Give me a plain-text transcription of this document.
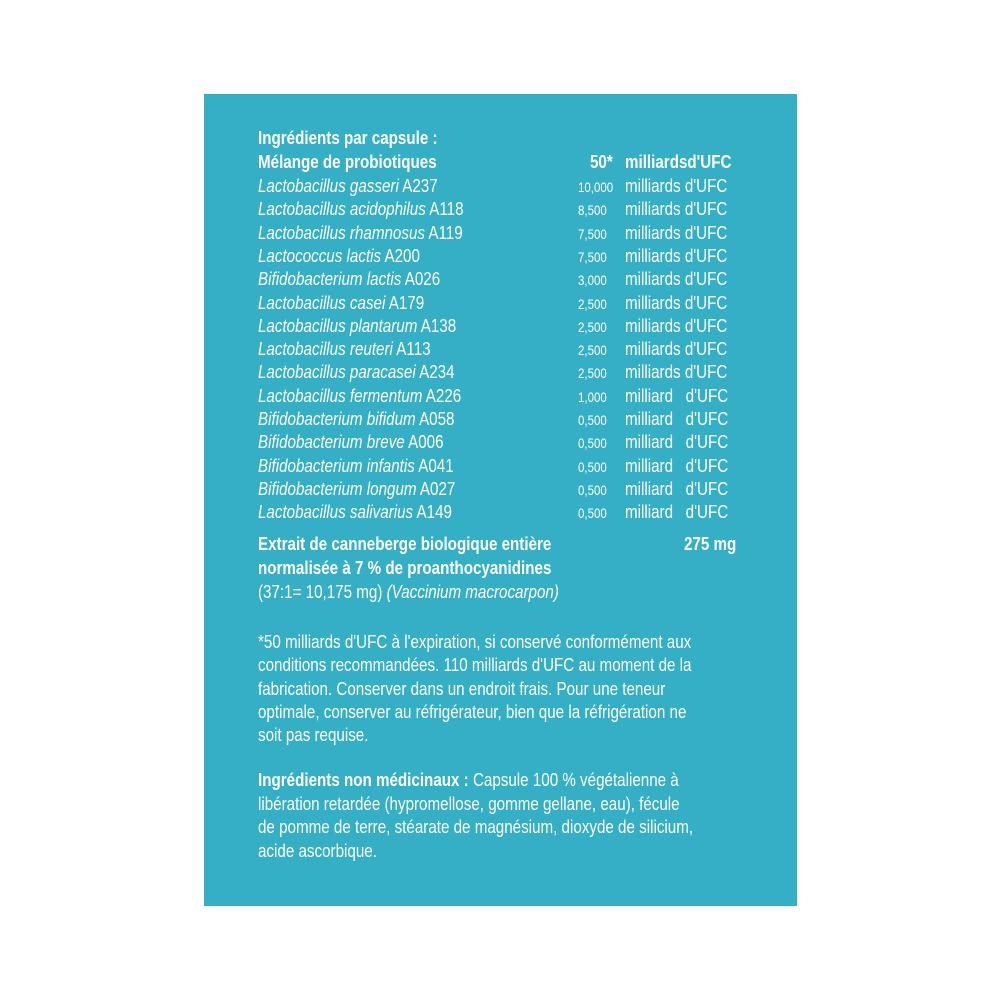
Ingrédients par capsule :
Mélange de probiotiques	50* milliardsd'UFC
Lactobacillus gasseri A237	10,000 milliards d'UFC
Lactobacillus acidophilus A118	8,500 milliards d'UFC
Lactobacillus rhamnosus A119	7,500 milliards d'UFC
Lactococcus lactis A200	7,500 milliards d'UFC
Bifidobacterium lactis A026	3,000 milliards d'UFC
Lactobacillus casei A179	2,500 milliards d'UFC
Lactobacillus plantarum A138	2,500 milliards d'UFC
Lactobacillus reuteri A113	2,500 milliards d'UFC
Lactobacillus paracasei A234	2,500 milliards d'UFC
Lactobacillus fermentum A226	1,000 milliard   d'UFC
Bifidobacterium bifidum A058	0,500 milliard   d'UFC
Bifidobacterium breve A006	0,500 milliard   d'UFC
Bifidobacterium infantis A041	0,500 milliard   d'UFC
Bifidobacterium longum A027	0,500 milliard   d'UFC
Lactobacillus salivarius A149	0,500 milliard   d'UFC
Extrait de canneberge biologique entière	275 mg
normalisée à 7 % de proanthocyanidines
(37:1= 10,175 mg) (Vaccinium macrocarpon)
*50 milliards d'UFC à l'expiration, si conservé conformément aux
conditions recommandées. 110 milliards d'UFC au moment de la
fabrication. Conserver dans un endroit frais. Pour une teneur
optimale, conserver au réfrigérateur, bien que la réfrigération ne
soit pas requise.
Ingrédients non médicinaux : Capsule 100 % végétalienne à
libération retardée (hypromellose, gomme gellane, eau), fécule
de pomme de terre, stéarate de magnésium, dioxyde de silicium,
acide ascorbique.
